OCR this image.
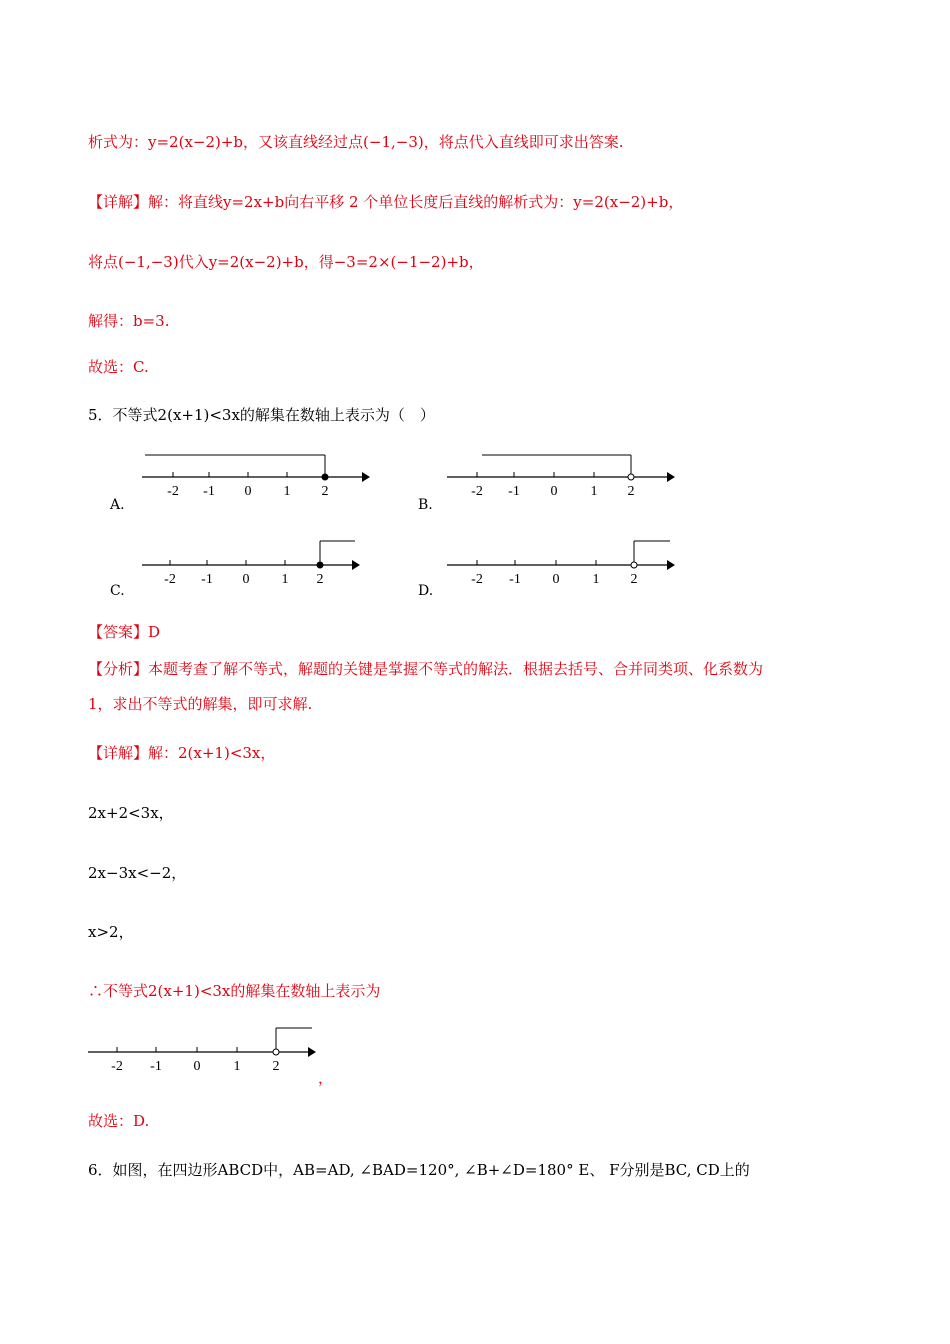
析式为：y=2(x−2)+b，又该直线经过点(−1,−3)，将点代入直线即可求出答案.
【详解】解：将直线y=2x+b向右平移 2 个单位长度后直线的解析式为：y=2(x−2)+b，
将点(−1,−3)代入y=2(x−2)+b，得−3=2×(−1−2)+b，
解得：b=3.
故选：C.
5．不等式2(x+1)<3x的解集在数轴上表示为（　）
-2 -1 0 1 2
A.
-2 -1 0 1 2
B.
-2 -1 0 1 2
C.
-2 -1 0 1 2
D.
【答案】D
【分析】本题考查了解不等式，解题的关键是掌握不等式的解法．根据去括号、合并同类项、化系数为
1，求出不等式的解集，即可求解.
【详解】解：2(x+1)<3x，
2x+2<3x，
2x−3x<−2，
x>2，
∴不等式2(x+1)<3x的解集在数轴上表示为
-2 -1 0 1 2
，
故选：D.
6．如图，在四边形ABCD中，AB=AD, ∠BAD=120°, ∠B+∠D=180° E、 F分别是BC, CD上的
